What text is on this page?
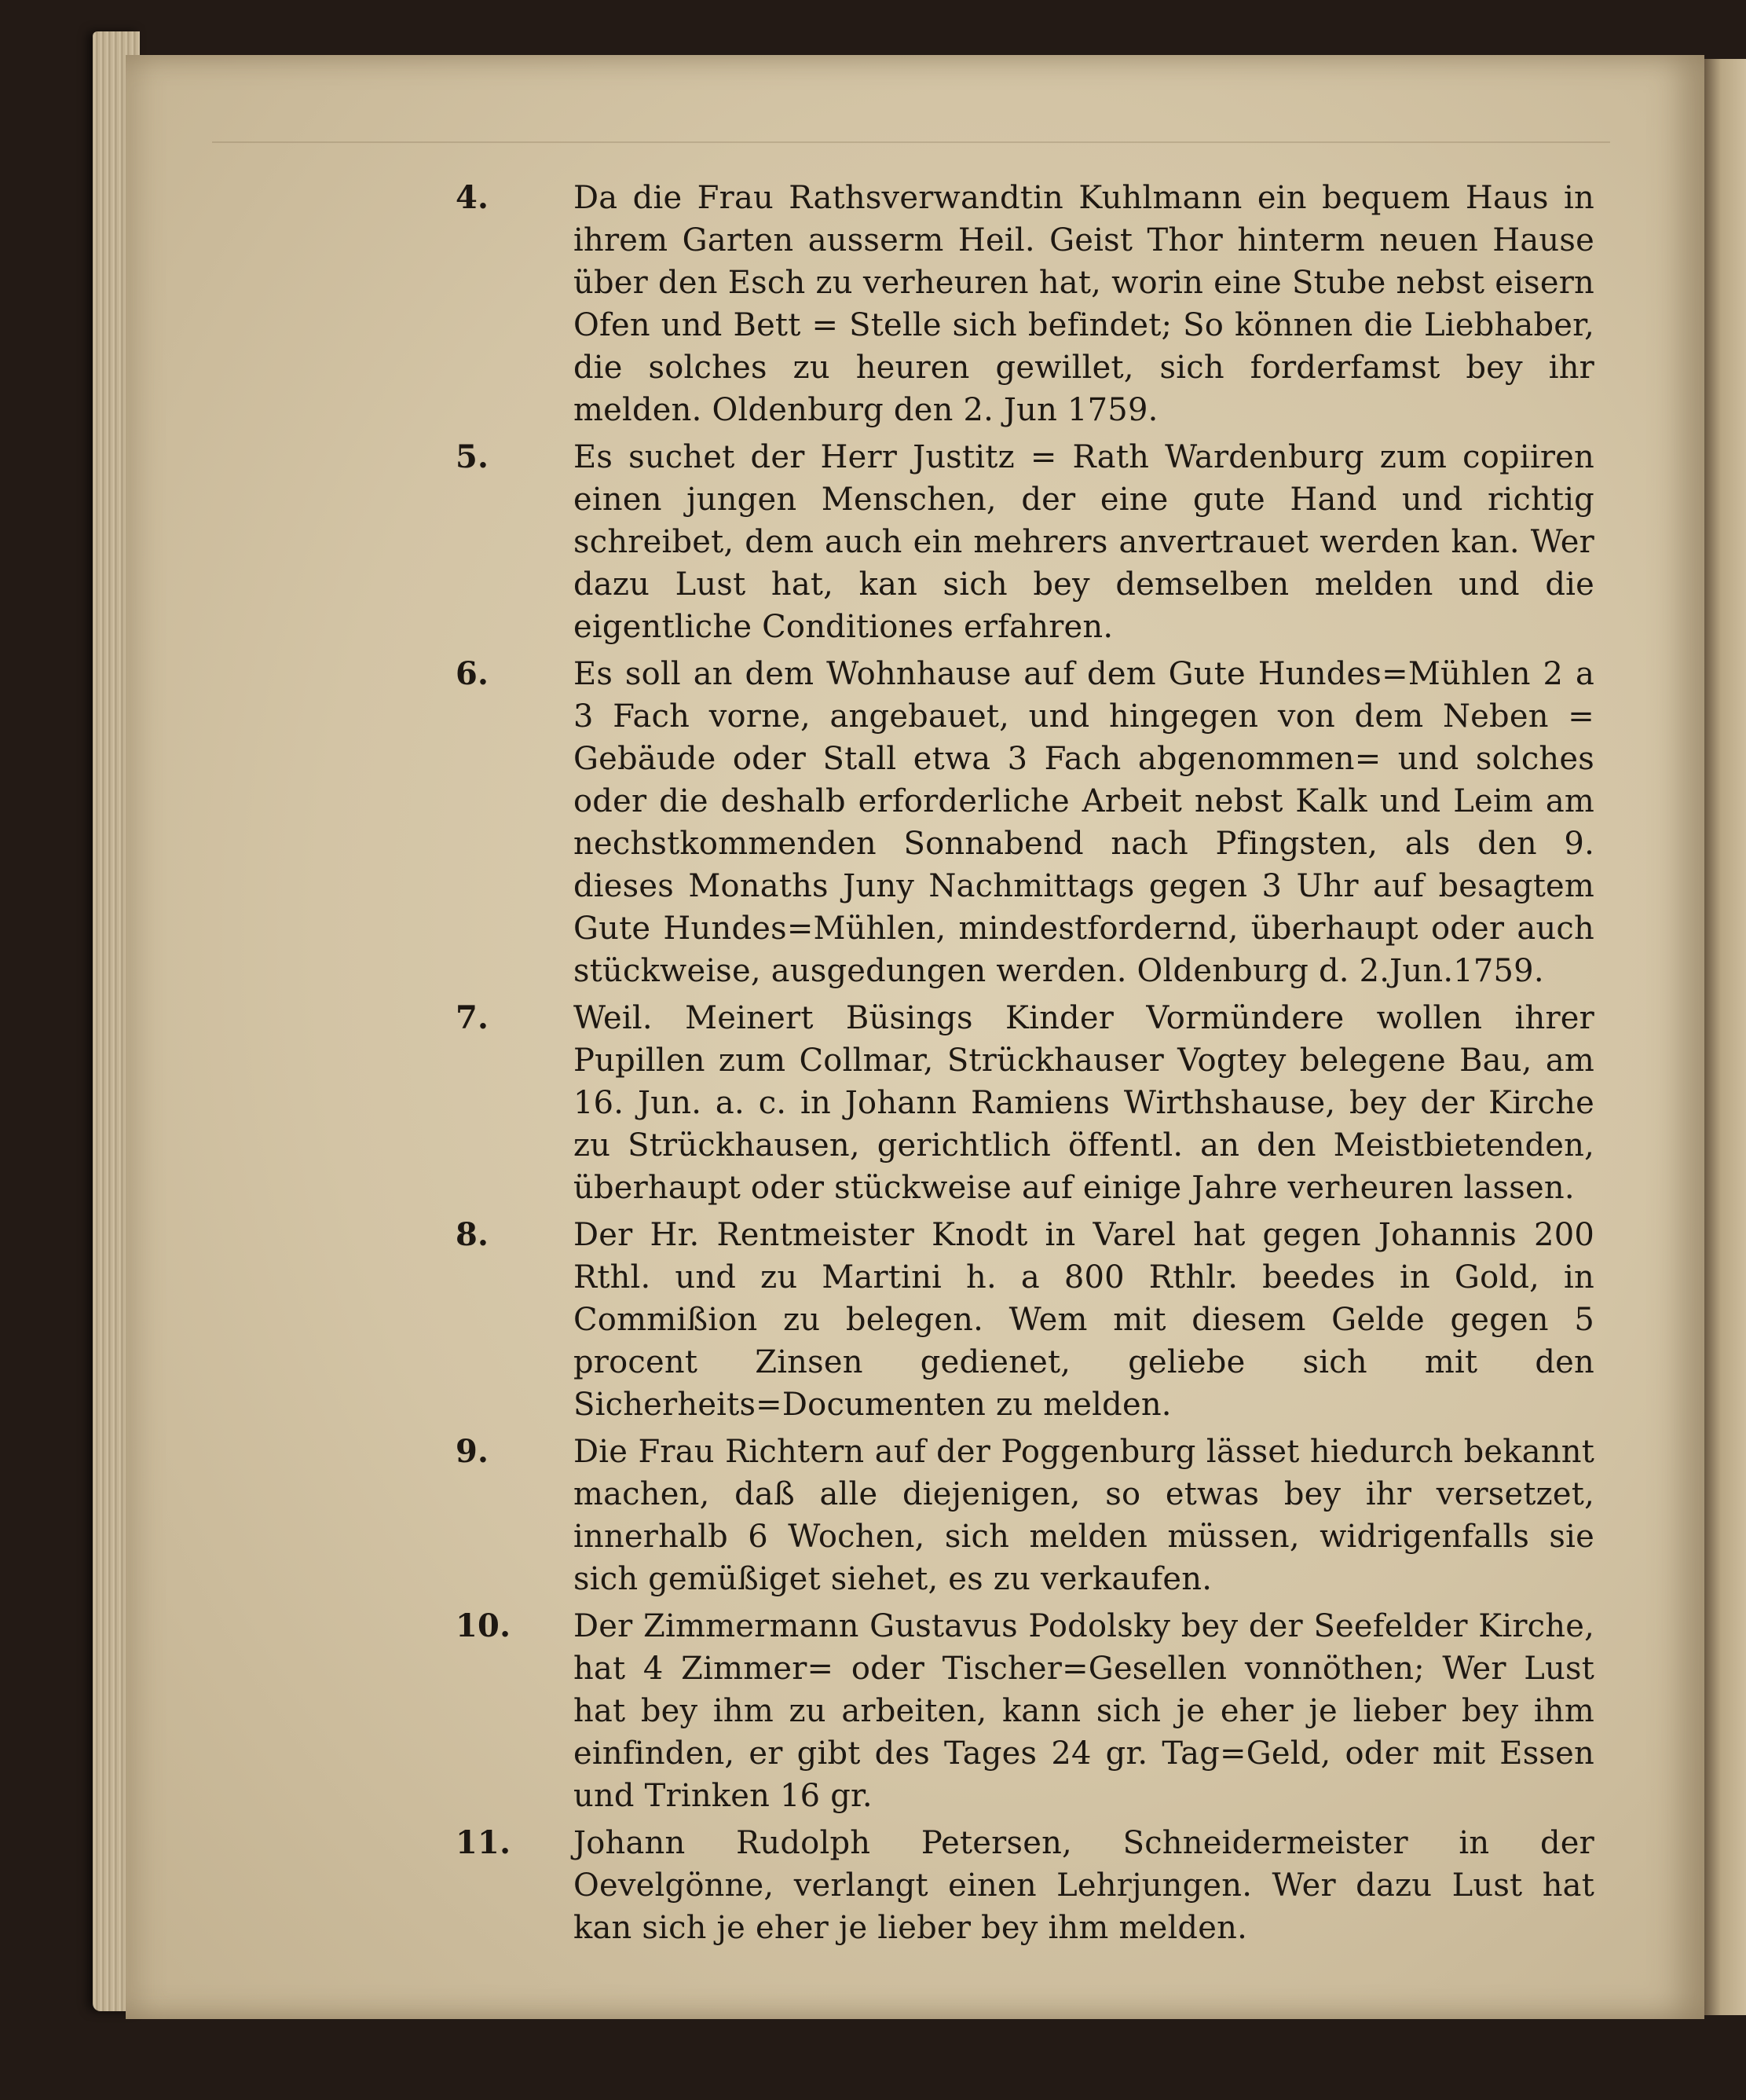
4.	Da die Frau Rathsverwandtin Kuhlmann ein bequem Haus in ihrem Garten ausserm Heil. Geist Thor hinterm neuen Hause über den Esch zu verheuren hat, worin eine Stube nebst eisern Ofen und Bett = Stelle sich befindet; So können die Liebhaber, die solches zu heuren gewillet, sich forderfamst bey ihr melden. Oldenburg den 2. Jun 1759.

5.	Es suchet der Herr Justitz = Rath Wardenburg zum copiiren einen jungen Menschen, der eine gute Hand und richtig schreibet, dem auch ein mehrers anvertrauet werden kan. Wer dazu Lust hat, kan sich bey demselben melden und die eigentliche Conditiones erfahren.

6.	Es soll an dem Wohnhause auf dem Gute Hundes=Mühlen 2 a 3 Fach vorne, angebauet, und hingegen von dem Neben = Gebäude oder Stall etwa 3 Fach abgenommen= und solches oder die deshalb erforderliche Arbeit nebst Kalk und Leim am nechstkommenden Sonnabend nach Pfingsten, als den 9. dieses Monaths Juny Nachmittags gegen 3 Uhr auf besagtem Gute Hundes=Mühlen, mindestfordernd, überhaupt oder auch stückweise, ausgedungen werden. Oldenburg d. 2.Jun.1759.

7.	Weil. Meinert Büsings Kinder Vormündere wollen ihrer Pupillen zum Collmar, Strückhauser Vogtey belegene Bau, am 16. Jun. a. c. in Johann Ramiens Wirthshause, bey der Kirche zu Strückhausen, gerichtlich öffentl. an den Meistbietenden, überhaupt oder stückweise auf einige Jahre verheuren lassen.

8.	Der Hr. Rentmeister Knodt in Varel hat gegen Johannis 200 Rthl. und zu Martini h. a 800 Rthlr. beedes in Gold, in Commißion zu belegen. Wem mit diesem Gelde gegen 5 procent Zinsen gedienet, geliebe sich mit den Sicherheits=Documenten zu melden.

9.	Die Frau Richtern auf der Poggenburg lässet hiedurch bekannt machen, daß alle diejenigen, so etwas bey ihr versetzet, innerhalb 6 Wochen, sich melden müssen, widrigenfalls sie sich gemüßiget siehet, es zu verkaufen.

10.	Der Zimmermann Gustavus Podolsky bey der Seefelder Kirche, hat 4 Zimmer= oder Tischer=Gesellen vonnöthen; Wer Lust hat bey ihm zu arbeiten, kann sich je eher je lieber bey ihm einfinden, er gibt des Tages 24 gr. Tag=Geld, oder mit Essen und Trinken 16 gr.

11.	Johann Rudolph Petersen, Schneidermeister in der Oevelgönne, verlangt einen Lehrjungen. Wer dazu Lust hat kan sich je eher je lieber bey ihm melden.
